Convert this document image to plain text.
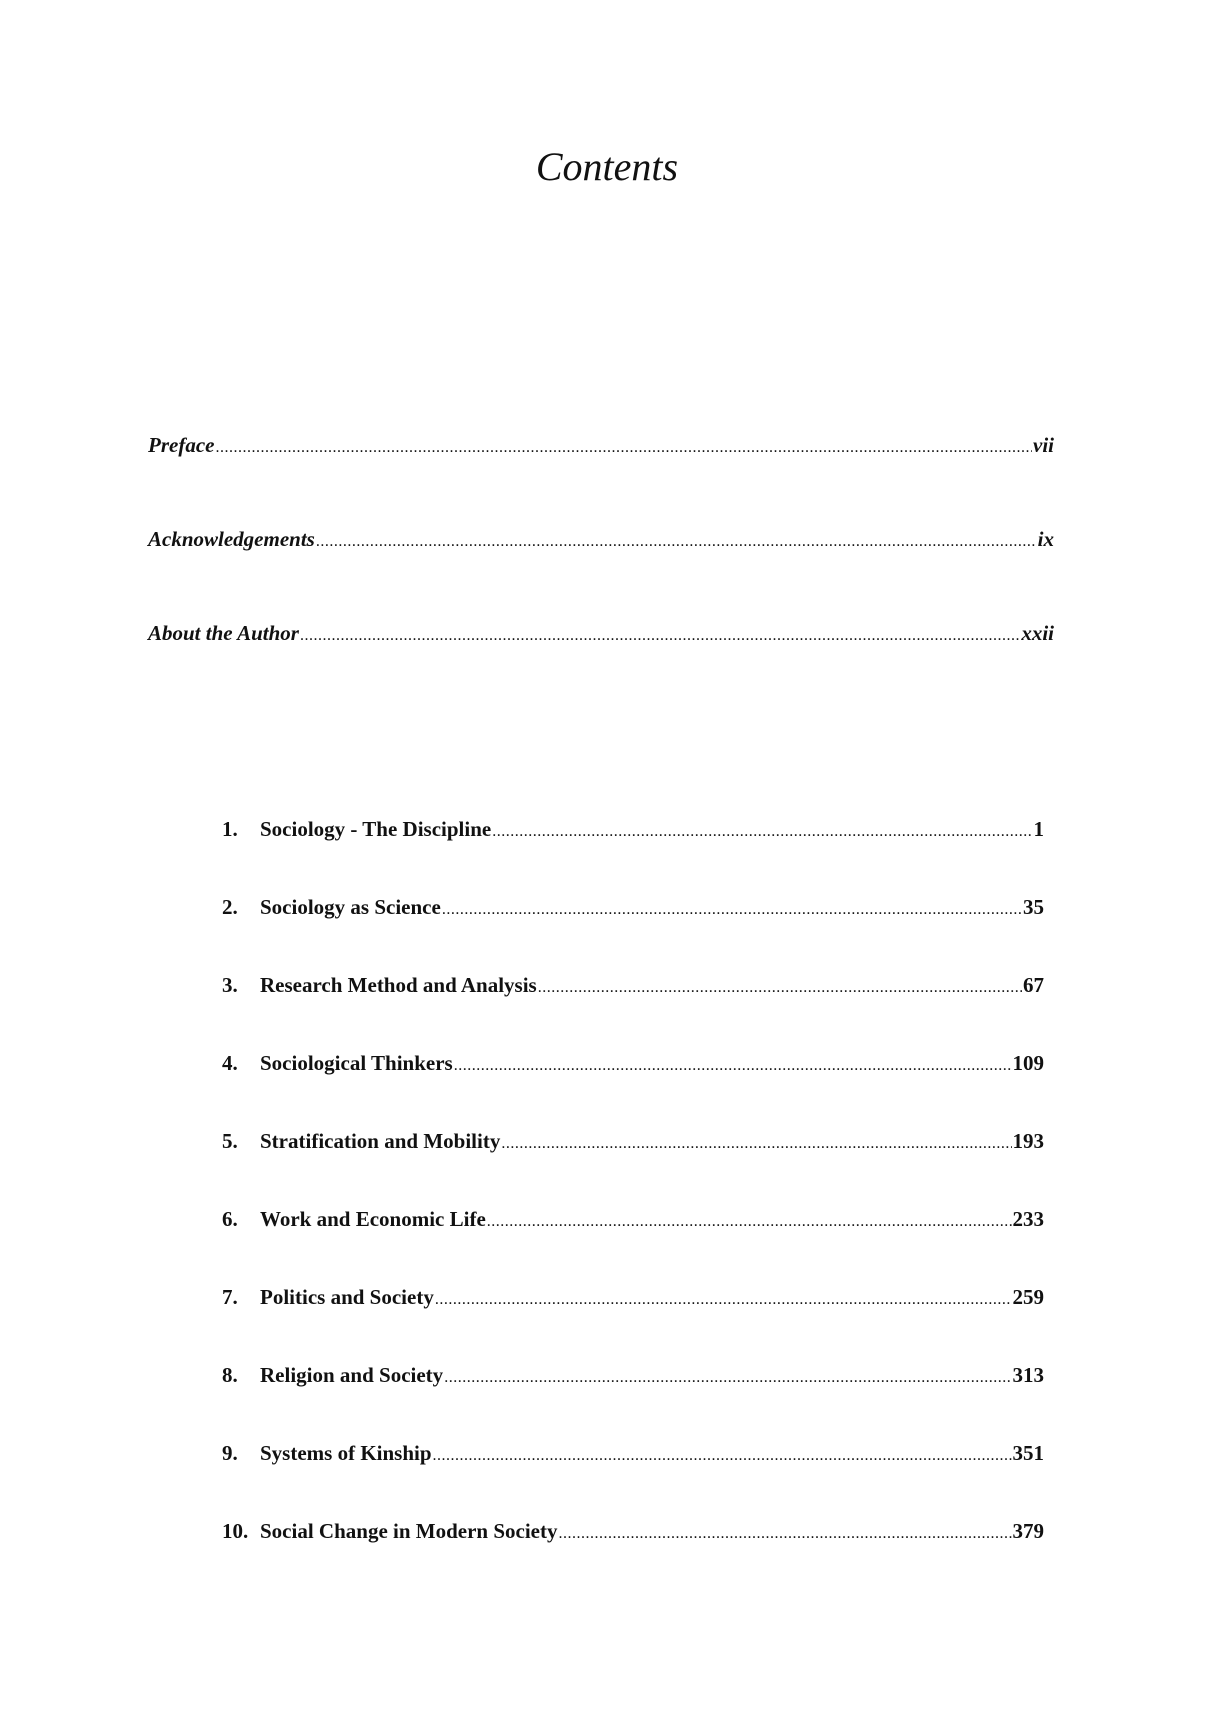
Contents
Preface .....	vii
Acknowledgements .....	ix
About the Author .....	xxii
1.	Sociology - The Discipline .....	1
2.	Sociology as Science .....	35
3.	Research Method and Analysis .....	67
4.	Sociological Thinkers .....	109
5.	Stratification and Mobility .....	193
6.	Work and Economic Life .....	233
7.	Politics and Society .....	259
8.	Religion and Society .....	313
9.	Systems of Kinship .....	351
10. Social Change in Modern Society .....	379
